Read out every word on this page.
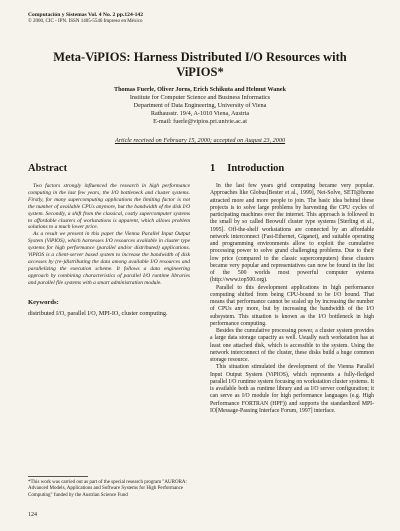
Computación y Sistemas Vol. 4 No. 2 pp.124-142
© 2000, CIC - IPN. ISSN 1405-5546 Impreso en México
Meta-ViPIOS: Harness Distributed I/O Resources with ViPIOS*
Thomas Fuerle, Oliver Jorns, Erich Schikuta and Helmut Wanek
Institute for Computer Science and Business Informatics
Department of Data Engineering, University of Viena
Rathausstr. 19/4, A-1010 Viena, Austria
E-mail: fuerle@vipios.pri.univie.ac.at
Article received on February 15, 2000; accepted on August 23, 2000
Abstract

Two factors strongly influenced the research in high performance computing in the last few years, the I/O bottleneck and cluster systems. Firstly, for many supercomputing applications the limiting factor is not the number of available CPUs anymore, but the bandwidth of the disk I/O system. Secondly, a shift from the classical, costly supercomputer systems to affordable clusters of workstations is apparent, which allows problem solutions to a much lower price.

As a result we present in this paper the Vienna Parallel Input Output System (ViPIOS), which harnesses I/O resources available in cluster type systems for high performance (parallel and/or distributed) applications. ViPIOS is a client-server based system to increase the bandwidth of disk accesses by (re-)distributing the data among available I/O resources and parallelizing the execution scheme. It follows a data engineering approach by combining characteristics of parallel I/O runtime libraries and parallel file systems with a smart administration module.

Keywords:
distributed I/O, parallel I/O, MPI-IO, cluster computing.
1 Introduction

In the last few years grid computing became very popular. Approaches like Globus[Bester et al., 1999], Net-Solve, SETI@home attracted more and more people to join. The basic idea behind these projects is to solve large problems by harvesting the CPU cycles of participating machines over the internet. This approach is followed in the small by so called Beowulf cluster type systems [Sterling et al., 1995]. Off-the-shelf workstations are connected by an affordable network interconnect (Fast-Ethernet, Giganet), and suitable operating and programming environments allow to exploit the cumulative processing power to solve grand challenging problems. Due to their low price (compared to the classic supercomputers) these clusters became very popular and representatives can now be found in the list of the 500 worlds most powerful computer systems (http://www.top500.org).

Parallel to this development applications in high performance computing shifted from being CPU-bound to be I/O bound. That means that performance cannot be scaled up by increasing the number of CPUs any more, but by increasing the bandwidth of the I/O subsystem. This situation is known as the I/O bottleneck in high performance computing.

Besides the cumulative processing power, a cluster system provides a large data storage capacity as well. Usually each workstation has at least one attached disk, which is accessible to the system. Using the network interconnect of the cluster, these disks build a huge common storage resource.

This situation stimulated the development of the Vienna Parallel Input Output System (ViPIOS), which represents a fully-fledged parallel I/O runtime system focusing on workstation cluster systems. It is available both as runtime library and as I/O server configuration; it can serve as I/O module for high performance languages (e.g. High Performance FORTRAN (HPF)) and supports the standardized MPI-IO[Message-Passing Interface Forum, 1997] interface.

*This work was carried out as part of the special research program "AURORA: Advanced Models, Applications and Software Systems for High Performance Computing" funded by the Austrian Science Fund
124
